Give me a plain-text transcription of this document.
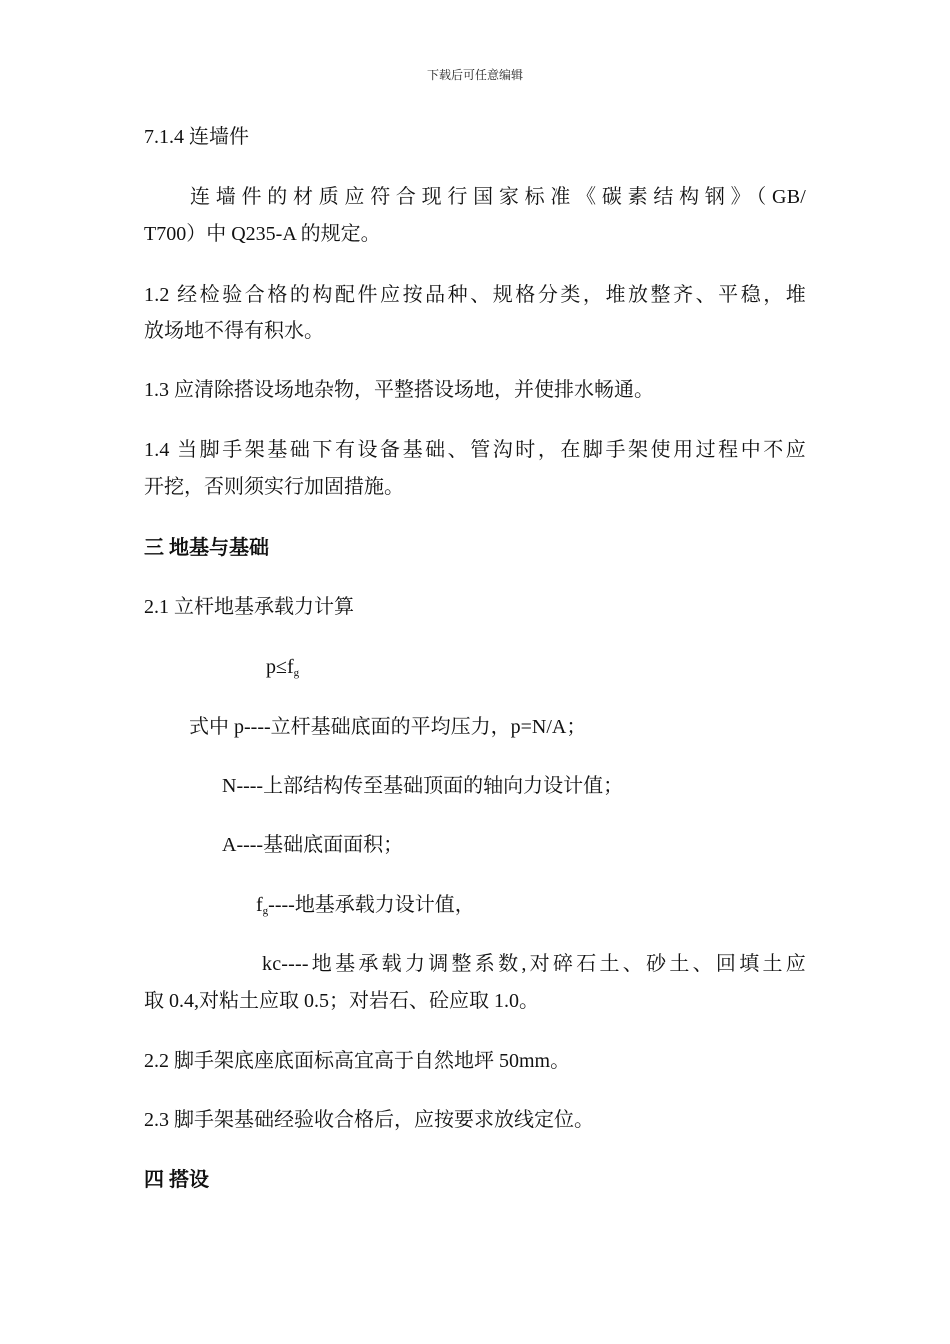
下载后可任意编辑
7.1.4 连墙件
连墙件的材质应符合现行国家标准《碳素结构钢》（GB/
T700）中 Q235-A 的规定。
1.2 经检验合格的构配件应按品种、规格分类，堆放整齐、平稳，堆
放场地不得有积水。
1.3 应清除搭设场地杂物，平整搭设场地，并使排水畅通。
1.4 当脚手架基础下有设备基础、管沟时，在脚手架使用过程中不应
开挖，否则须实行加固措施。
三 地基与基础
2.1 立杆地基承载力计算
$p\le f_g$
式中 p----立杆基础底面的平均压力，p=N/A；
N----上部结构传至基础顶面的轴向力设计值；
A----基础底面面积；
$f_g----$地基承载力设计值，
kc----地基承载力调整系数,对碎石土、砂土、回填土应
取 0.4,对粘土应取 0.5；对岩石、砼应取 1.0。
2.2 脚手架底座底面标高宜高于自然地坪 50mm。
2.3 脚手架基础经验收合格后，应按要求放线定位。
四 搭设
